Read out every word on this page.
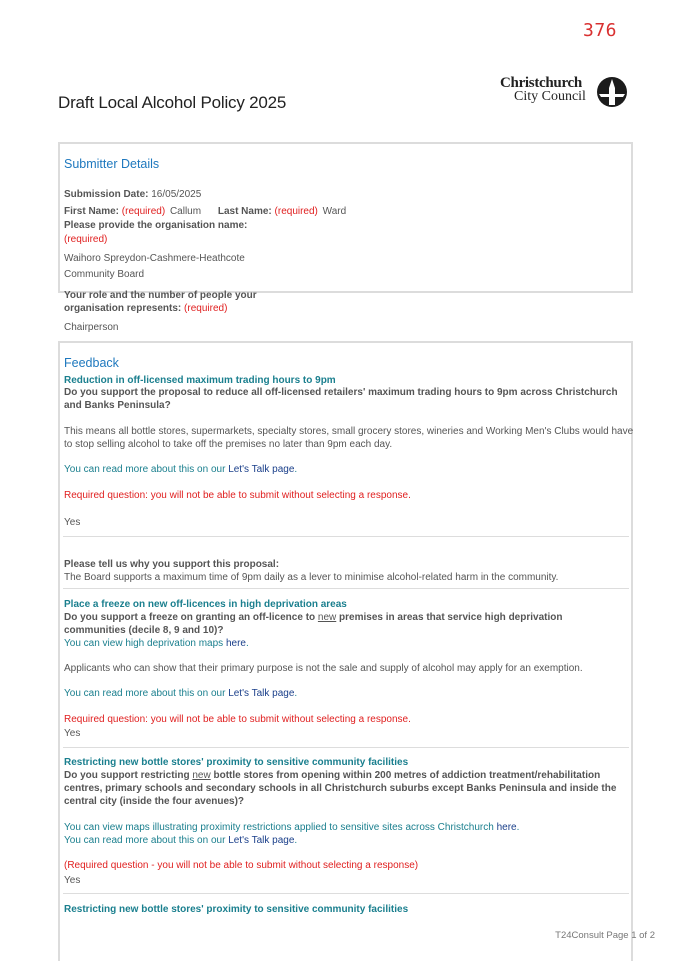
376
Draft Local Alcohol Policy 2025
Christchurch
City Council
Submitter Details
Submission Date: 16/05/2025
First Name: (required) Callum Last Name: (required) Ward
Please provide the organisation name:
(required)
Waihoro Spreydon-Cashmere-Heathcote
Community Board
Your role and the number of people your
organisation represents: (required)
Chairperson
Feedback
Reduction in off-licensed maximum trading hours to 9pm
Do you support the proposal to reduce all off-licensed retailers' maximum trading hours to 9pm across Christchurch
and Banks Peninsula?
This means all bottle stores, supermarkets, specialty stores, small grocery stores, wineries and Working Men's Clubs would have
to stop selling alcohol to take off the premises no later than 9pm each day.
You can read more about this on our Let's Talk page.
Required question: you will not be able to submit without selecting a response.
Yes
Please tell us why you support this proposal:
The Board supports a maximum time of 9pm daily as a lever to minimise alcohol-related harm in the community.
Place a freeze on new off-licences in high deprivation areas
Do you support a freeze on granting an off-licence to new premises in areas that service high deprivation
communities (decile 8, 9 and 10)?
You can view high deprivation maps here.
Applicants who can show that their primary purpose is not the sale and supply of alcohol may apply for an exemption.
You can read more about this on our Let's Talk page.
Required question: you will not be able to submit without selecting a response.
Yes
Restricting new bottle stores' proximity to sensitive community facilities
Do you support restricting new bottle stores from opening within 200 metres of addiction treatment/rehabilitation
centres, primary schools and secondary schools in all Christchurch suburbs except Banks Peninsula and inside the
central city (inside the four avenues)?
You can view maps illustrating proximity restrictions applied to sensitive sites across Christchurch here.
You can read more about this on our Let's Talk page.
(Required question - you will not be able to submit without selecting a response)
Yes
Restricting new bottle stores' proximity to sensitive community facilities
T24Consult Page 1 of 2
